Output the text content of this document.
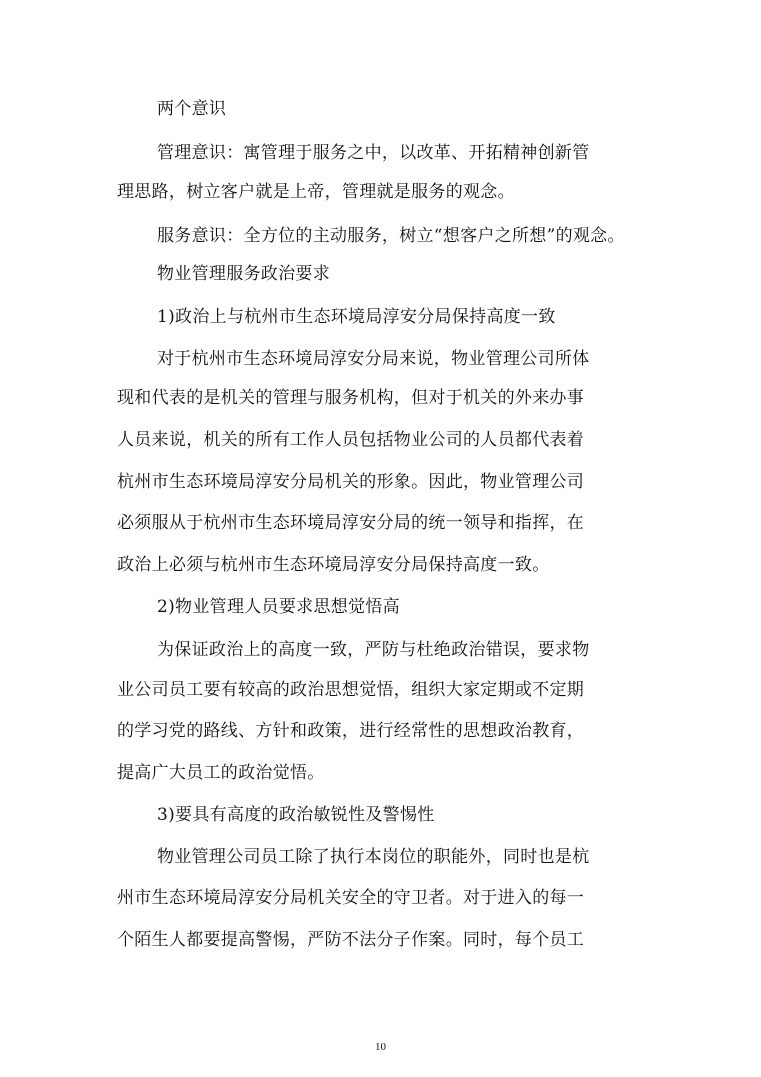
两个意识
管理意识：寓管理于服务之中，以改革、开拓精神创新管
理思路，树立客户就是上帝，管理就是服务的观念。
服务意识：全方位的主动服务，树立“想客户之所想”的观念。
物业管理服务政治要求
1)政治上与杭州市生态环境局淳安分局保持高度一致
对于杭州市生态环境局淳安分局来说，物业管理公司所体
现和代表的是机关的管理与服务机构，但对于机关的外来办事
人员来说，机关的所有工作人员包括物业公司的人员都代表着
杭州市生态环境局淳安分局机关的形象。因此，物业管理公司
必须服从于杭州市生态环境局淳安分局的统一领导和指挥，在
政治上必须与杭州市生态环境局淳安分局保持高度一致。
2)物业管理人员要求思想觉悟高
为保证政治上的高度一致，严防与杜绝政治错误，要求物
业公司员工要有较高的政治思想觉悟，组织大家定期或不定期
的学习党的路线、方针和政策，进行经常性的思想政治教育，
提高广大员工的政治觉悟。
3)要具有高度的政治敏锐性及警惕性
物业管理公司员工除了执行本岗位的职能外，同时也是杭
州市生态环境局淳安分局机关安全的守卫者。对于进入的每一
个陌生人都要提高警惕，严防不法分子作案。同时，每个员工
10
